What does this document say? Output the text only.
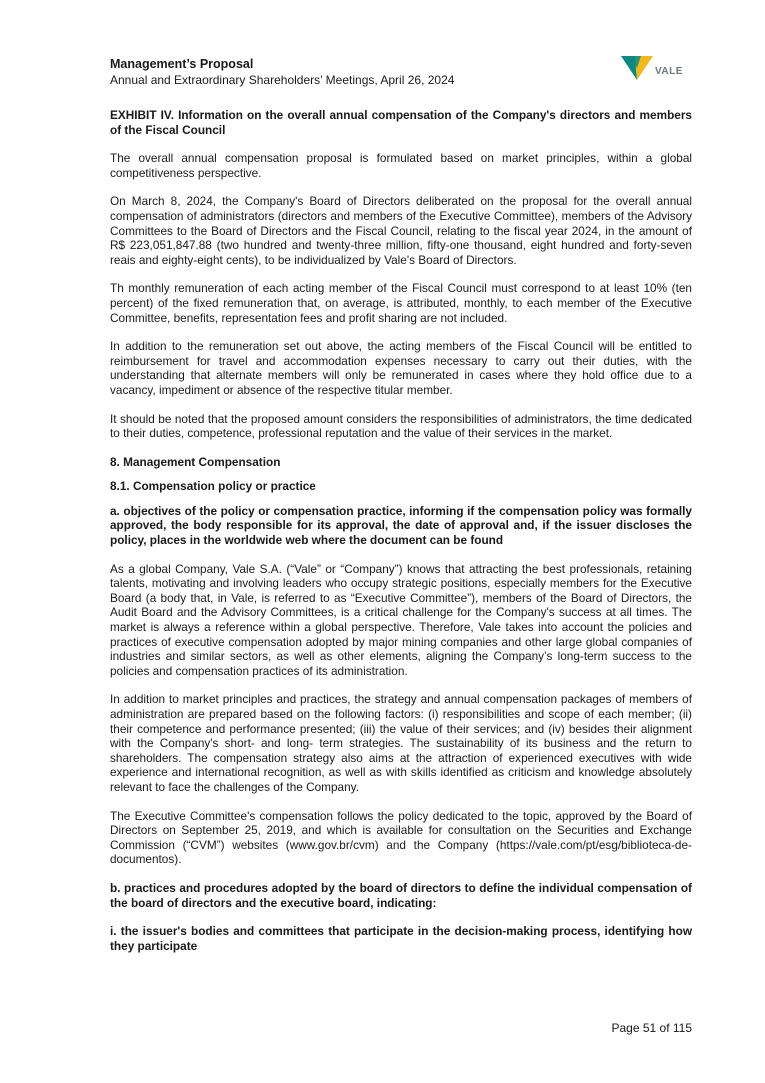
Management’s Proposal
Annual and Extraordinary Shareholders’ Meetings, April 26, 2024
VALE

EXHIBIT IV. Information on the overall annual compensation of the Company's directors and members of the Fiscal Council

The overall annual compensation proposal is formulated based on market principles, within a global competitiveness perspective.

On March 8, 2024, the Company's Board of Directors deliberated on the proposal for the overall annual compensation of administrators (directors and members of the Executive Committee), members of the Advisory Committees to the Board of Directors and the Fiscal Council, relating to the fiscal year 2024, in the amount of R$ 223,051,847.88 (two hundred and twenty-three million, fifty-one thousand, eight hundred and forty-seven reais and eighty-eight cents), to be individualized by Vale's Board of Directors.

Th monthly remuneration of each acting member of the Fiscal Council must correspond to at least 10% (ten percent) of the fixed remuneration that, on average, is attributed, monthly, to each member of the Executive Committee, benefits, representation fees and profit sharing are not included.

In addition to the remuneration set out above, the acting members of the Fiscal Council will be entitled to reimbursement for travel and accommodation expenses necessary to carry out their duties, with the understanding that alternate members will only be remunerated in cases where they hold office due to a vacancy, impediment or absence of the respective titular member.

It should be noted that the proposed amount considers the responsibilities of administrators, the time dedicated to their duties, competence, professional reputation and the value of their services in the market.

8. Management Compensation

8.1. Compensation policy or practice

a. objectives of the policy or compensation practice, informing if the compensation policy was formally approved, the body responsible for its approval, the date of approval and, if the issuer discloses the policy, places in the worldwide web where the document can be found

As a global Company, Vale S.A. (“Vale” or “Company”) knows that attracting the best professionals, retaining talents, motivating and involving leaders who occupy strategic positions, especially members for the Executive Board (a body that, in Vale, is referred to as “Executive Committee”), members of the Board of Directors, the Audit Board and the Advisory Committees, is a critical challenge for the Company's success at all times. The market is always a reference within a global perspective. Therefore, Vale takes into account the policies and practices of executive compensation adopted by major mining companies and other large global companies of industries and similar sectors, as well as other elements, aligning the Company’s long-term success to the policies and compensation practices of its administration.

In addition to market principles and practices, the strategy and annual compensation packages of members of administration are prepared based on the following factors: (i) responsibilities and scope of each member; (ii) their competence and performance presented; (iii) the value of their services; and (iv) besides their alignment with the Company's short- and long- term strategies. The sustainability of its business and the return to shareholders. The compensation strategy also aims at the attraction of experienced executives with wide experience and international recognition, as well as with skills identified as criticism and knowledge absolutely relevant to face the challenges of the Company.

The Executive Committee's compensation follows the policy dedicated to the topic, approved by the Board of Directors on September 25, 2019, and which is available for consultation on the Securities and Exchange Commission (“CVM”) websites (www.gov.br/cvm) and the Company (https://vale.com/pt/esg/biblioteca-de-documentos).

b. practices and procedures adopted by the board of directors to define the individual compensation of the board of directors and the executive board, indicating:

i. the issuer's bodies and committees that participate in the decision-making process, identifying how they participate

Page 51 of 115
